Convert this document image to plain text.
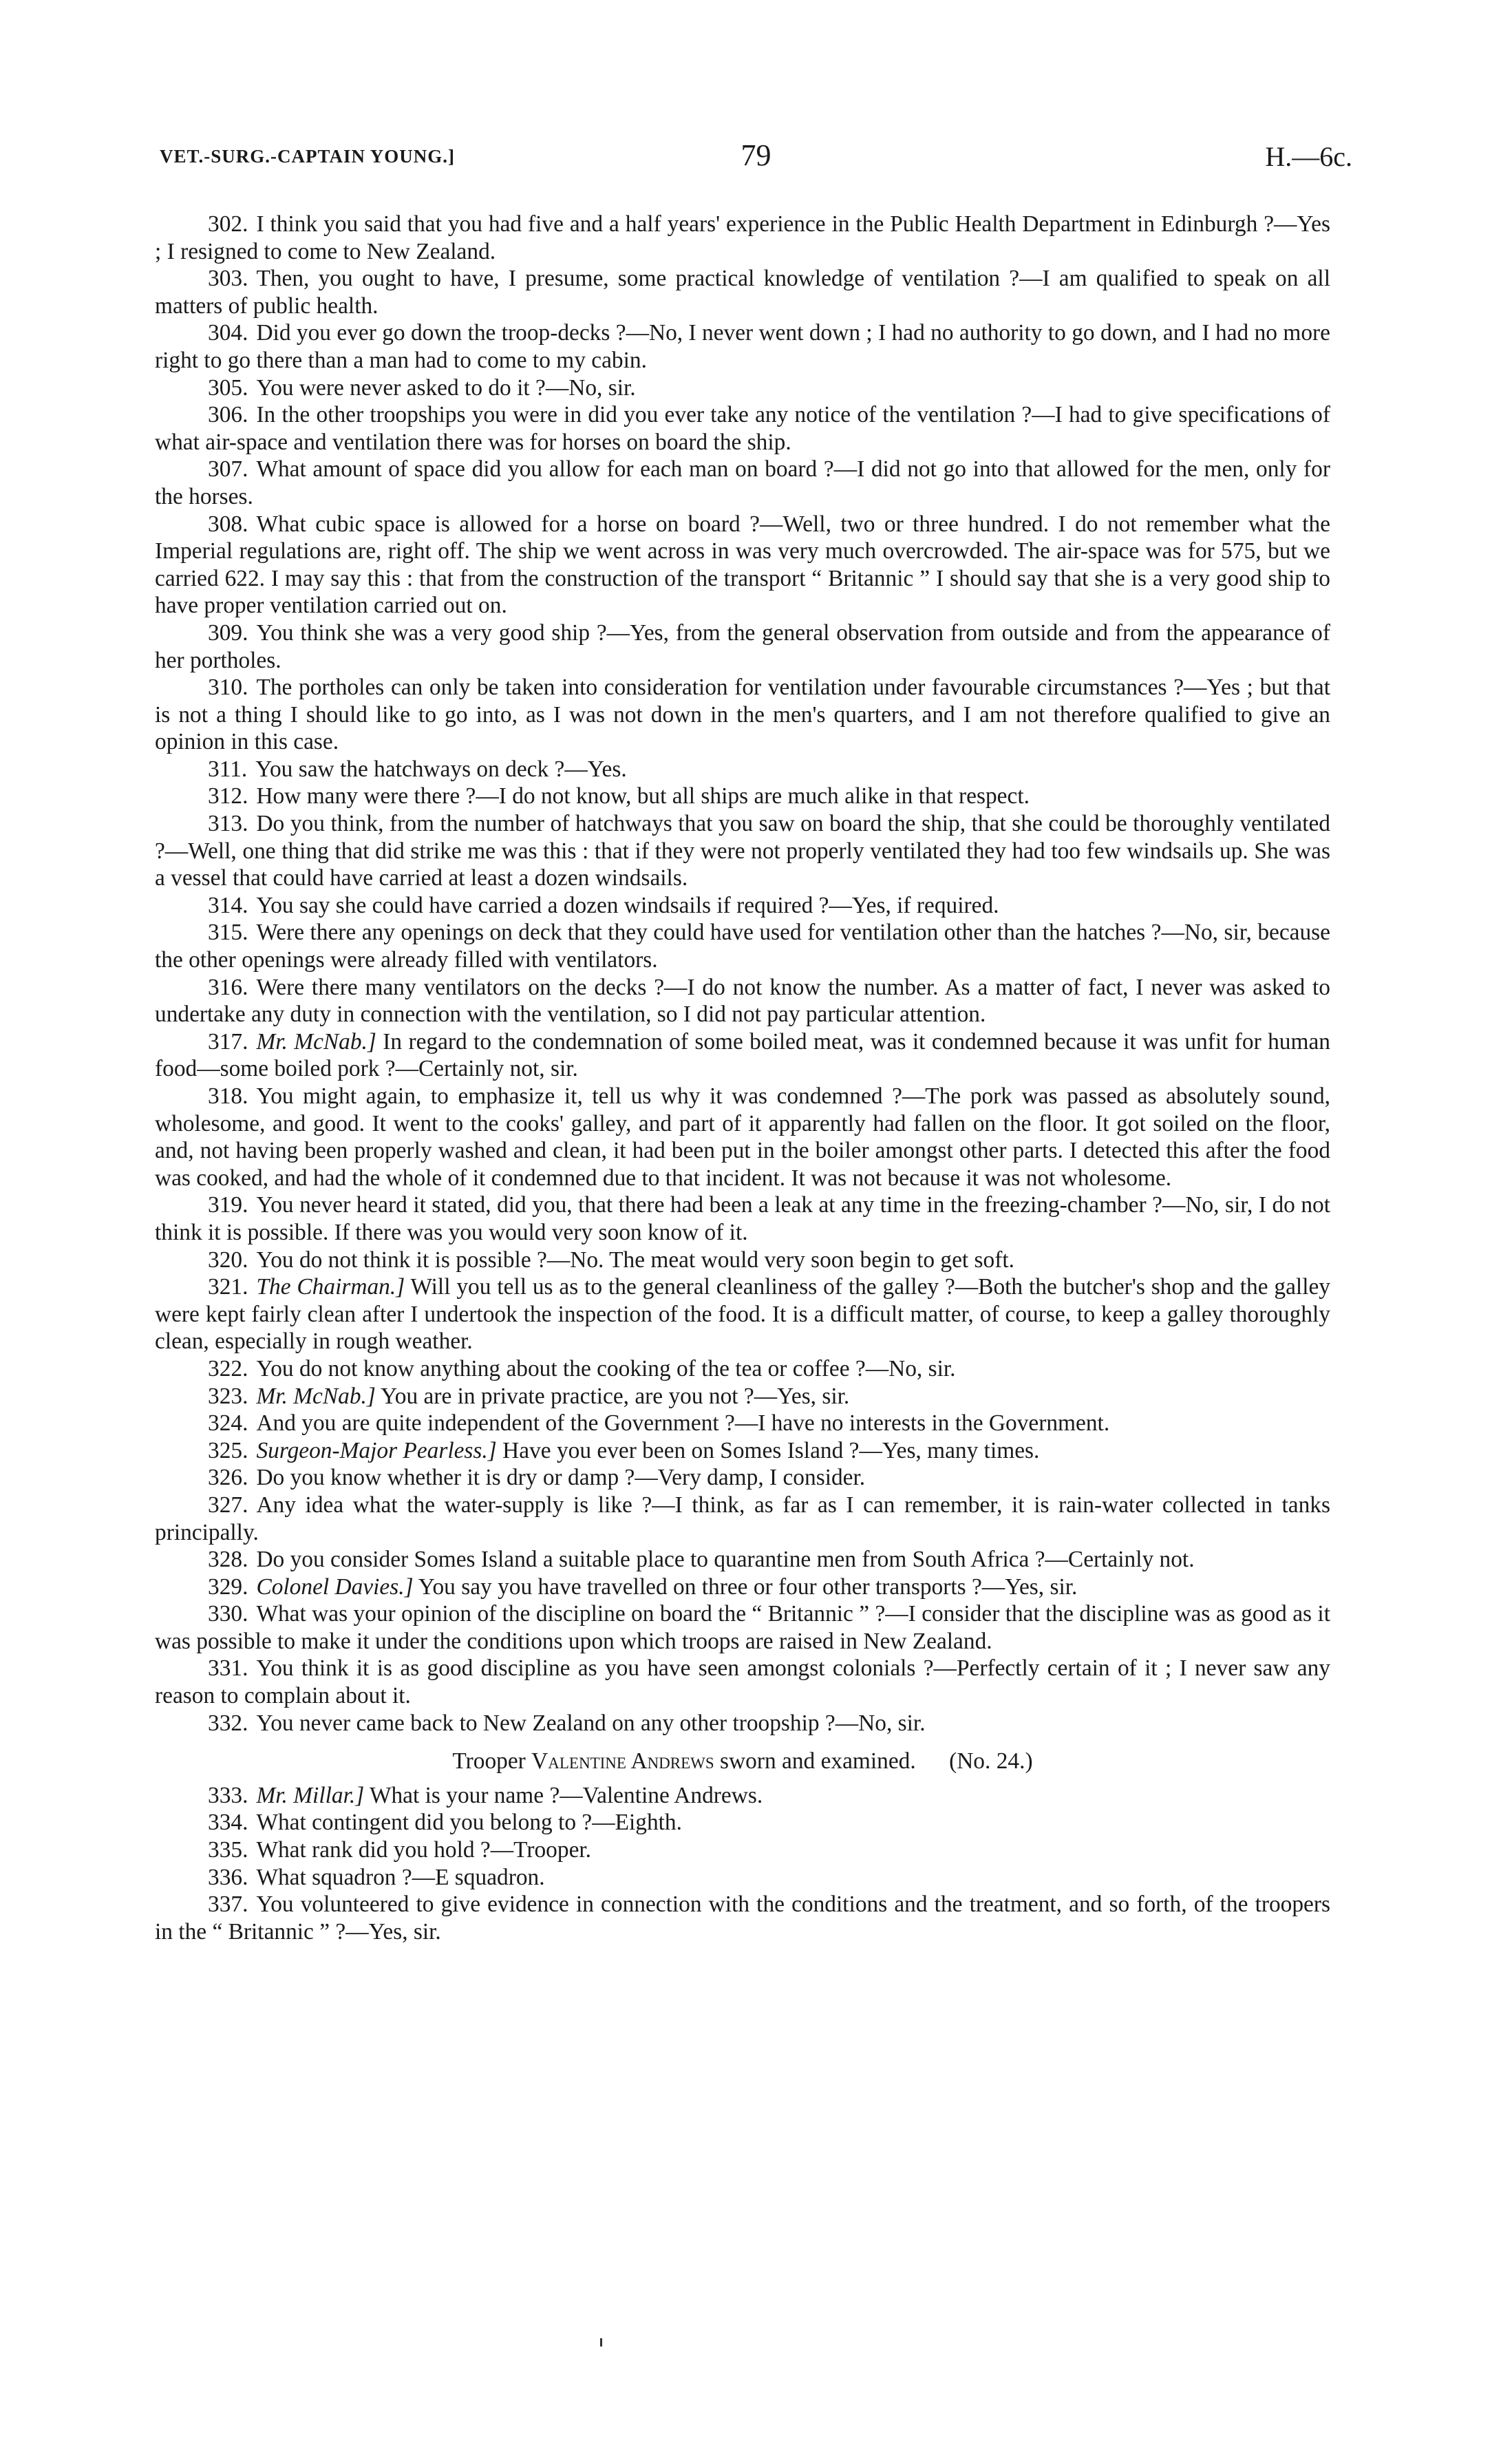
VET.-SURG.-CAPTAIN YOUNG.]	79	H.—6c.

302. I think you said that you had five and a half years' experience in the Public Health Department in Edinburgh ?—Yes ; I resigned to come to New Zealand.

303. Then, you ought to have, I presume, some practical knowledge of ventilation ?—I am qualified to speak on all matters of public health.

304. Did you ever go down the troop-decks ?—No, I never went down ; I had no authority to go down, and I had no more right to go there than a man had to come to my cabin.

305. You were never asked to do it ?—No, sir.

306. In the other troopships you were in did you ever take any notice of the ventilation ?—I had to give specifications of what air-space and ventilation there was for horses on board the ship.

307. What amount of space did you allow for each man on board ?—I did not go into that allowed for the men, only for the horses.

308. What cubic space is allowed for a horse on board ?—Well, two or three hundred. I do not remember what the Imperial regulations are, right off. The ship we went across in was very much overcrowded. The air-space was for 575, but we carried 622. I may say this : that from the construction of the transport “ Britannic ” I should say that she is a very good ship to have proper ventilation carried out on.

309. You think she was a very good ship ?—Yes, from the general observation from outside and from the appearance of her portholes.

310. The portholes can only be taken into consideration for ventilation under favourable circumstances ?—Yes ; but that is not a thing I should like to go into, as I was not down in the men's quarters, and I am not therefore qualified to give an opinion in this case.

311. You saw the hatchways on deck ?—Yes.

312. How many were there ?—I do not know, but all ships are much alike in that respect.

313. Do you think, from the number of hatchways that you saw on board the ship, that she could be thoroughly ventilated ?—Well, one thing that did strike me was this : that if they were not properly ventilated they had too few windsails up. She was a vessel that could have carried at least a dozen windsails.

314. You say she could have carried a dozen windsails if required ?—Yes, if required.

315. Were there any openings on deck that they could have used for ventilation other than the hatches ?—No, sir, because the other openings were already filled with ventilators.

316. Were there many ventilators on the decks ?—I do not know the number. As a matter of fact, I never was asked to undertake any duty in connection with the ventilation, so I did not pay particular attention.

317. Mr. McNab.] In regard to the condemnation of some boiled meat, was it condemned because it was unfit for human food—some boiled pork ?—Certainly not, sir.

318. You might again, to emphasize it, tell us why it was condemned ?—The pork was passed as absolutely sound, wholesome, and good. It went to the cooks' galley, and part of it apparently had fallen on the floor. It got soiled on the floor, and, not having been properly washed and clean, it had been put in the boiler amongst other parts. I detected this after the food was cooked, and had the whole of it condemned due to that incident. It was not because it was not wholesome.

319. You never heard it stated, did you, that there had been a leak at any time in the freezing-chamber ?—No, sir, I do not think it is possible. If there was you would very soon know of it.

320. You do not think it is possible ?—No. The meat would very soon begin to get soft.

321. The Chairman.] Will you tell us as to the general cleanliness of the galley ?—Both the butcher's shop and the galley were kept fairly clean after I undertook the inspection of the food. It is a difficult matter, of course, to keep a galley thoroughly clean, especially in rough weather.

322. You do not know anything about the cooking of the tea or coffee ?—No, sir.

323. Mr. McNab.] You are in private practice, are you not ?—Yes, sir.

324. And you are quite independent of the Government ?—I have no interests in the Government.

325. Surgeon-Major Pearless.] Have you ever been on Somes Island ?—Yes, many times.

326. Do you know whether it is dry or damp ?—Very damp, I consider.

327. Any idea what the water-supply is like ?—I think, as far as I can remember, it is rain-water collected in tanks principally.

328. Do you consider Somes Island a suitable place to quarantine men from South Africa ?—Certainly not.

329. Colonel Davies.] You say you have travelled on three or four other transports ?—Yes, sir.

330. What was your opinion of the discipline on board the “ Britannic ” ?—I consider that the discipline was as good as it was possible to make it under the conditions upon which troops are raised in New Zealand.

331. You think it is as good discipline as you have seen amongst colonials ?—Perfectly certain of it ; I never saw any reason to complain about it.

332. You never came back to New Zealand on any other troopship ?—No, sir.

Trooper Valentine Andrews sworn and examined. (No. 24.)

333. Mr. Millar.] What is your name ?—Valentine Andrews.

334. What contingent did you belong to ?—Eighth.

335. What rank did you hold ?—Trooper.

336. What squadron ?—E squadron.

337. You volunteered to give evidence in connection with the conditions and the treatment, and so forth, of the troopers in the “ Britannic ” ?—Yes, sir.
